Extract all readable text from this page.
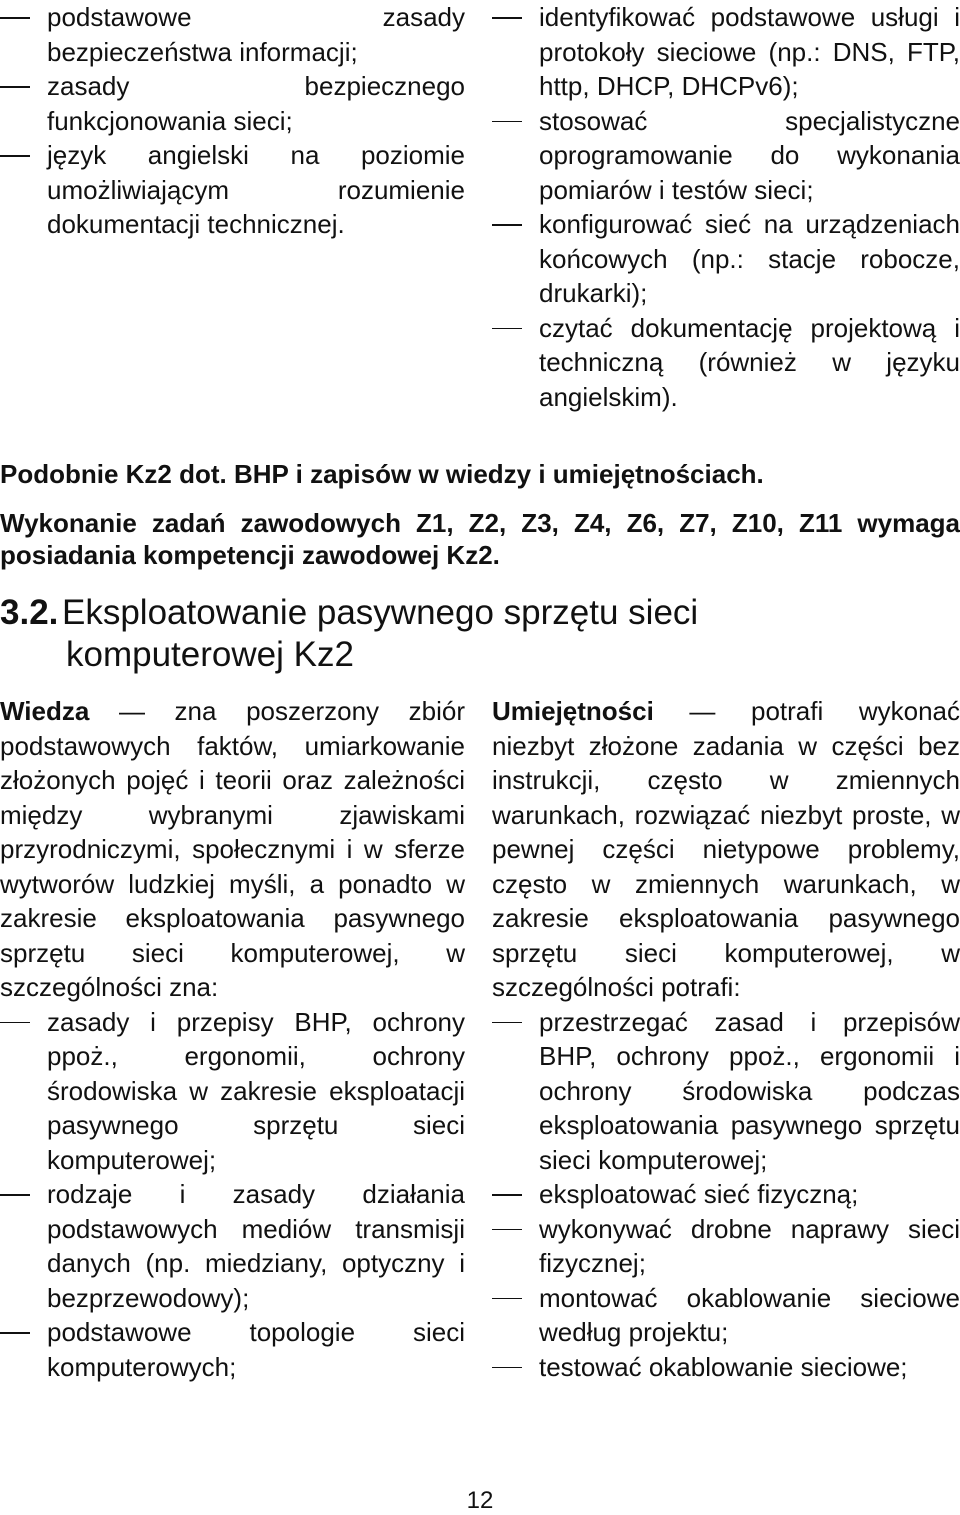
podstawowe zasady bezpieczeństwa informacji;
zasady bezpiecznego funkcjonowania sieci;
język angielski na poziomie umożliwiającym rozumienie dokumentacji technicznej.
identyfikować podstawowe usługi i protokoły sieciowe (np.: DNS, FTP, http, DHCP, DHCPv6);
stosować specjalistyczne oprogramowanie do wykonania pomiarów i testów sieci;
konfigurować sieć na urządzeniach końcowych (np.: stacje robocze, drukarki);
czytać dokumentację projektową i techniczną (również w języku angielskim).

Podobnie Kz2 dot. BHP i zapisów w wiedzy i umiejętnościach.

Wykonanie zadań zawodowych Z1, Z2, Z3, Z4, Z6, Z7, Z10, Z11 wymaga posiadania kompetencji zawodowej Kz2.

3.2. Eksploatowanie pasywnego sprzętu sieci
komputerowej Kz2

Wiedza — zna poszerzony zbiór podstawowych faktów, umiarkowanie złożonych pojęć i teorii oraz zależności między wybranymi zjawiskami przyrodniczymi, społecznymi i w sferze wytworów ludzkiej myśli, a ponadto w zakresie eksploatowania pasywnego sprzętu sieci komputerowej, w szczególności zna:

zasady i przepisy BHP, ochrony ppoż., ergonomii, ochrony środowiska w zakresie eksploatacji pasywnego sprzętu sieci komputerowej;
rodzaje i zasady działania podstawowych mediów transmisji danych (np. miedziany, optyczny i bezprzewodowy);
podstawowe topologie sieci komputerowych;

Umiejętności — potrafi wykonać niezbyt złożone zadania w części bez instrukcji, często w zmiennych warunkach, rozwiązać niezbyt proste, w pewnej części nietypowe problemy, często w zmiennych warunkach, w zakresie eksploatowania pasywnego sprzętu sieci komputerowej, w szczególności potrafi:

przestrzegać zasad i przepisów BHP, ochrony ppoż., ergonomii i ochrony środowiska podczas eksploatowania pasywnego sprzętu sieci komputerowej;
eksploatować sieć fizyczną;
wykonywać drobne naprawy sieci fizycznej;
montować okablowanie sieciowe według projektu;
testować okablowanie sieciowe;
12
